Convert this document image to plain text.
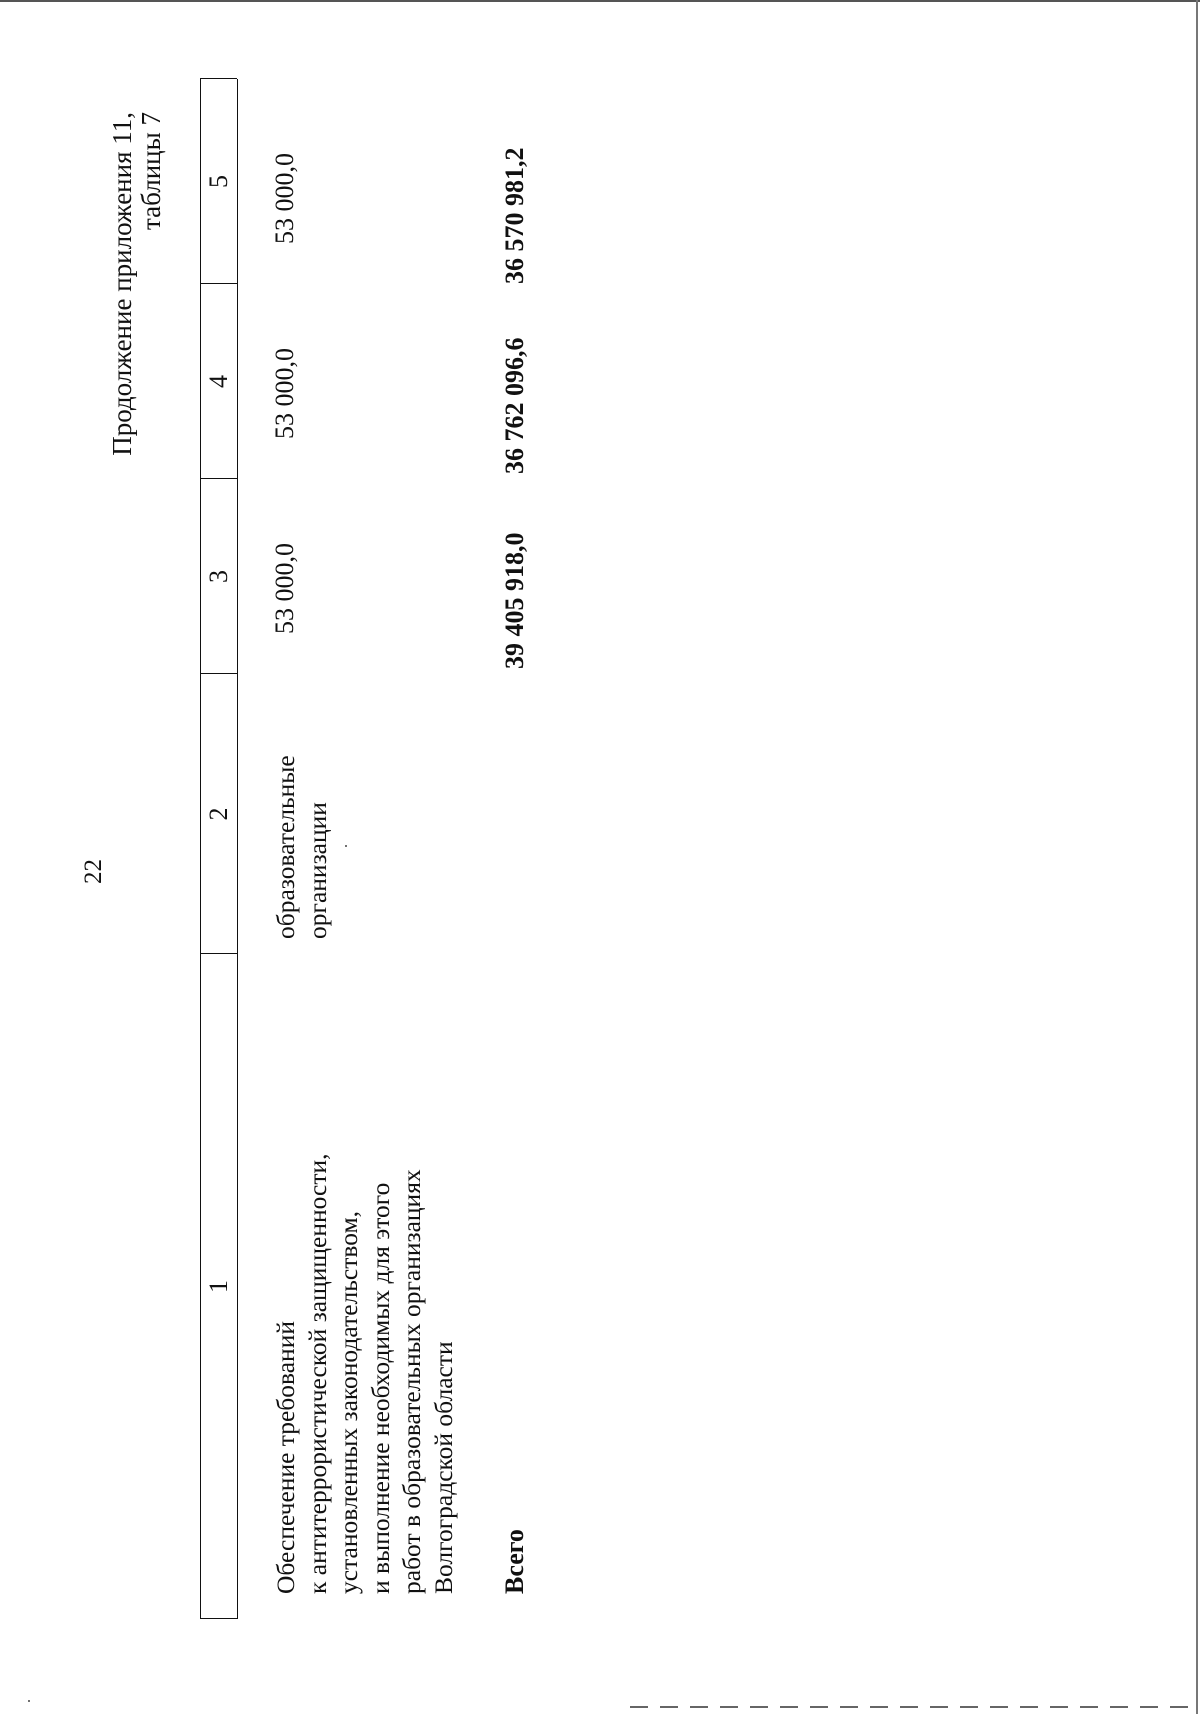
22
Продолжение приложения 11, таблицы 7
1
2
3
4
5
Обеспечение требований к антитеррористической защищенности, установленных законодательством, и выполнение необходимых для этого работ в образовательных организациях Волгоградской области
образовательные организации
53 000,0
53 000,0
53 000,0
Всего
39 405 918,0
36 762 096,6
36 570 981,2
